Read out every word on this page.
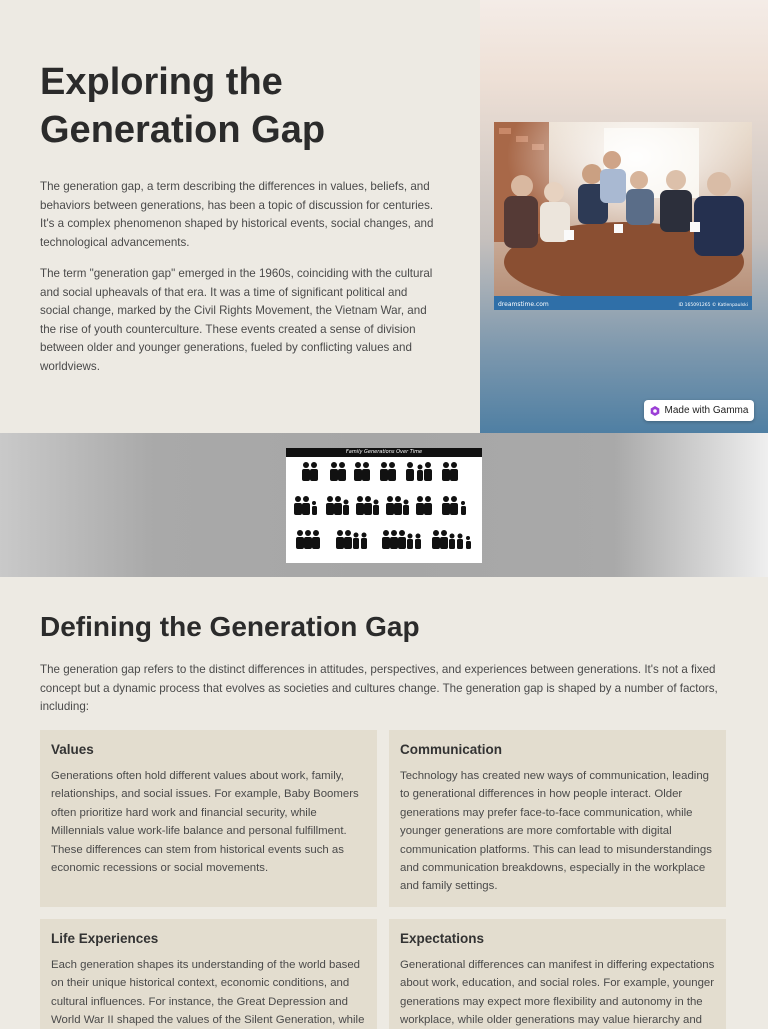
Exploring the Generation Gap

The generation gap, a term describing the differences in values, beliefs, and behaviors between generations, has been a topic of discussion for centuries. It's a complex phenomenon shaped by historical events, social changes, and technological advancements.

The term "generation gap" emerged in the 1960s, coinciding with the cultural and social upheavals of that era. It was a time of significant political and social change, marked by the Civil Rights Movement, the Vietnam War, and the rise of youth counterculture. These events created a sense of division between older and younger generations, fueled by conflicting values and worldviews.

dreamstime.com	ID 165091265 © Katlenpaulski
Made with Gamma
Family Generations Over Time
Defining the Generation Gap

The generation gap refers to the distinct differences in attitudes, perspectives, and experiences between generations. It's not a fixed concept but a dynamic process that evolves as societies and cultures change. The generation gap is shaped by a number of factors, including:

Values

Generations often hold different values about work, family, relationships, and social issues. For example, Baby Boomers often prioritize hard work and financial security, while Millennials value work-life balance and personal fulfillment. These differences can stem from historical events such as economic recessions or social movements.

Communication

Technology has created new ways of communication, leading to generational differences in how people interact. Older generations may prefer face-to-face communication, while younger generations are more comfortable with digital communication platforms. This can lead to misunderstandings and communication breakdowns, especially in the workplace and family settings.

Life Experiences

Each generation shapes its understanding of the world based on their unique historical context, economic conditions, and cultural influences. For instance, the Great Depression and World War II shaped the values of the Silent Generation, while

Expectations

Generational differences can manifest in differing expectations about work, education, and social roles. For example, younger generations may expect more flexibility and autonomy in the workplace, while older generations may value hierarchy and
